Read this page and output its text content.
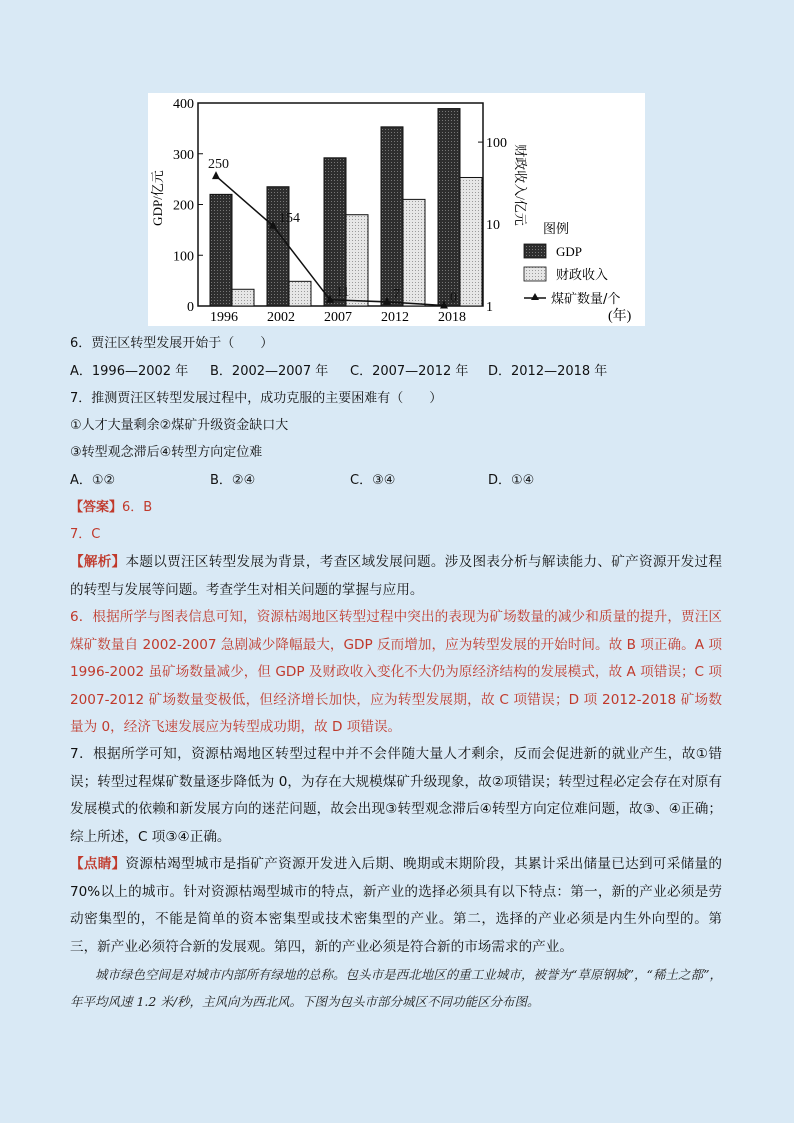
0
100
200
300
400
1
10
100
250
154
11	7	0
1996 2002 2007 2012 2018	(年)
GDP/亿元	财政收入/亿元
图例
GDP
财政收入
煤矿数量/个
6．贾汪区转型发展开始于（　　）
A．1996—2002 年 B．2002—2007 年 C．2007—2012 年 D．2012—2018 年
7．推测贾汪区转型发展过程中，成功克服的主要困难有（　　）
①人才大量剩余②煤矿升级资金缺口大
③转型观念滞后④转型方向定位难
A．①②	B．②④	C．③④	D．①④
【答案】6．B
7．C
【解析】本题以贾汪区转型发展为背景，考查区域发展问题。涉及图表分析与解读能力、矿产资源开发过程的转型与发展等问题。考查学生对相关问题的掌握与应用。
6．根据所学与图表信息可知，资源枯竭地区转型过程中突出的表现为矿场数量的减少和质量的提升，贾汪区煤矿数量自 2002-2007 急剧减少降幅最大，GDP 反而增加，应为转型发展的开始时间。故 B 项正确。A 项 1996-2002 虽矿场数量减少，但 GDP 及财政收入变化不大仍为原经济结构的发展模式，故 A 项错误；C 项 2007-2012 矿场数量变极低，但经济增长加快，应为转型发展期，故 C 项错误；D 项 2012-2018 矿场数量为 0，经济飞速发展应为转型成功期，故 D 项错误。
7．根据所学可知，资源枯竭地区转型过程中并不会伴随大量人才剩余，反而会促进新的就业产生，故①错误；转型过程煤矿数量逐步降低为 0，为存在大规模煤矿升级现象，故②项错误；转型过程必定会存在对原有发展模式的依赖和新发展方向的迷茫问题，故会出现③转型观念滞后④转型方向定位难问题，故③、④正确；综上所述，C 项③④正确。
【点睛】资源枯竭型城市是指矿产资源开发进入后期、晚期或末期阶段，其累计采出储量已达到可采储量的 70%以上的城市。针对资源枯竭型城市的特点，新产业的选择必须具有以下特点：第一，新的产业必须是劳动密集型的，不能是简单的资本密集型或技术密集型的产业。第二，选择的产业必须是内生外向型的。第三，新产业必须符合新的发展观。第四，新的产业必须是符合新的市场需求的产业。
城市绿色空间是对城市内部所有绿地的总称。包头市是西北地区的重工业城市，被誉为“草原钢城”，“稀土之都”，年平均风速 1.2 米/秒，主风向为西北风。下图为包头市部分城区不同功能区分布图。
